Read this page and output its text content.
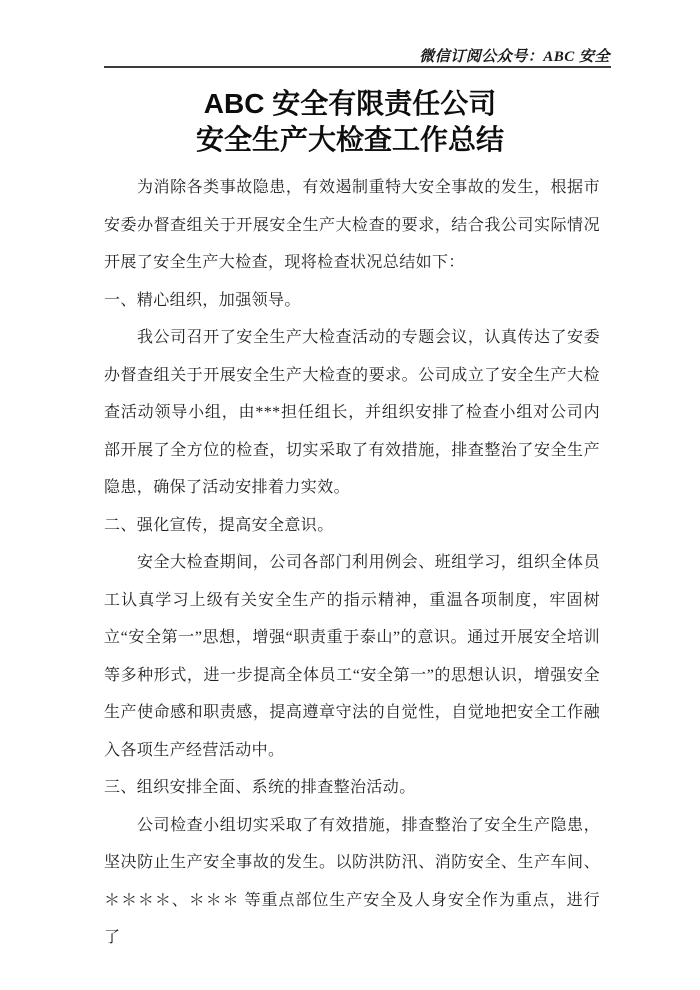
微信订阅公众号：ABC 安全
ABC 安全有限责任公司
安全生产大检查工作总结

为消除各类事故隐患，有效遏制重特大安全事故的发生，根据市安委办督查组关于开展安全生产大检查的要求，结合我公司实际情况开展了安全生产大检查，现将检查状况总结如下：

一、精心组织，加强领导。

我公司召开了安全生产大检查活动的专题会议，认真传达了安委办督查组关于开展安全生产大检查的要求。公司成立了安全生产大检查活动领导小组，由***担任组长，并组织安排了检查小组对公司内部开展了全方位的检查，切实采取了有效措施，排查整治了安全生产隐患，确保了活动安排着力实效。

二、强化宣传，提高安全意识。

安全大检查期间，公司各部门利用例会、班组学习，组织全体员工认真学习上级有关安全生产的指示精神，重温各项制度，牢固树立“安全第一”思想，增强“职责重于泰山”的意识。通过开展安全培训等多种形式，进一步提高全体员工“安全第一”的思想认识，增强安全生产使命感和职责感，提高遵章守法的自觉性，自觉地把安全工作融入各项生产经营活动中。

三、组织安排全面、系统的排查整治活动。

公司检查小组切实采取了有效措施，排查整治了安全生产隐患，坚决防止生产安全事故的发生。以防洪防汛、消防安全、生产车间、＊＊＊＊、＊＊＊ 等重点部位生产安全及人身安全作为重点，进行了
